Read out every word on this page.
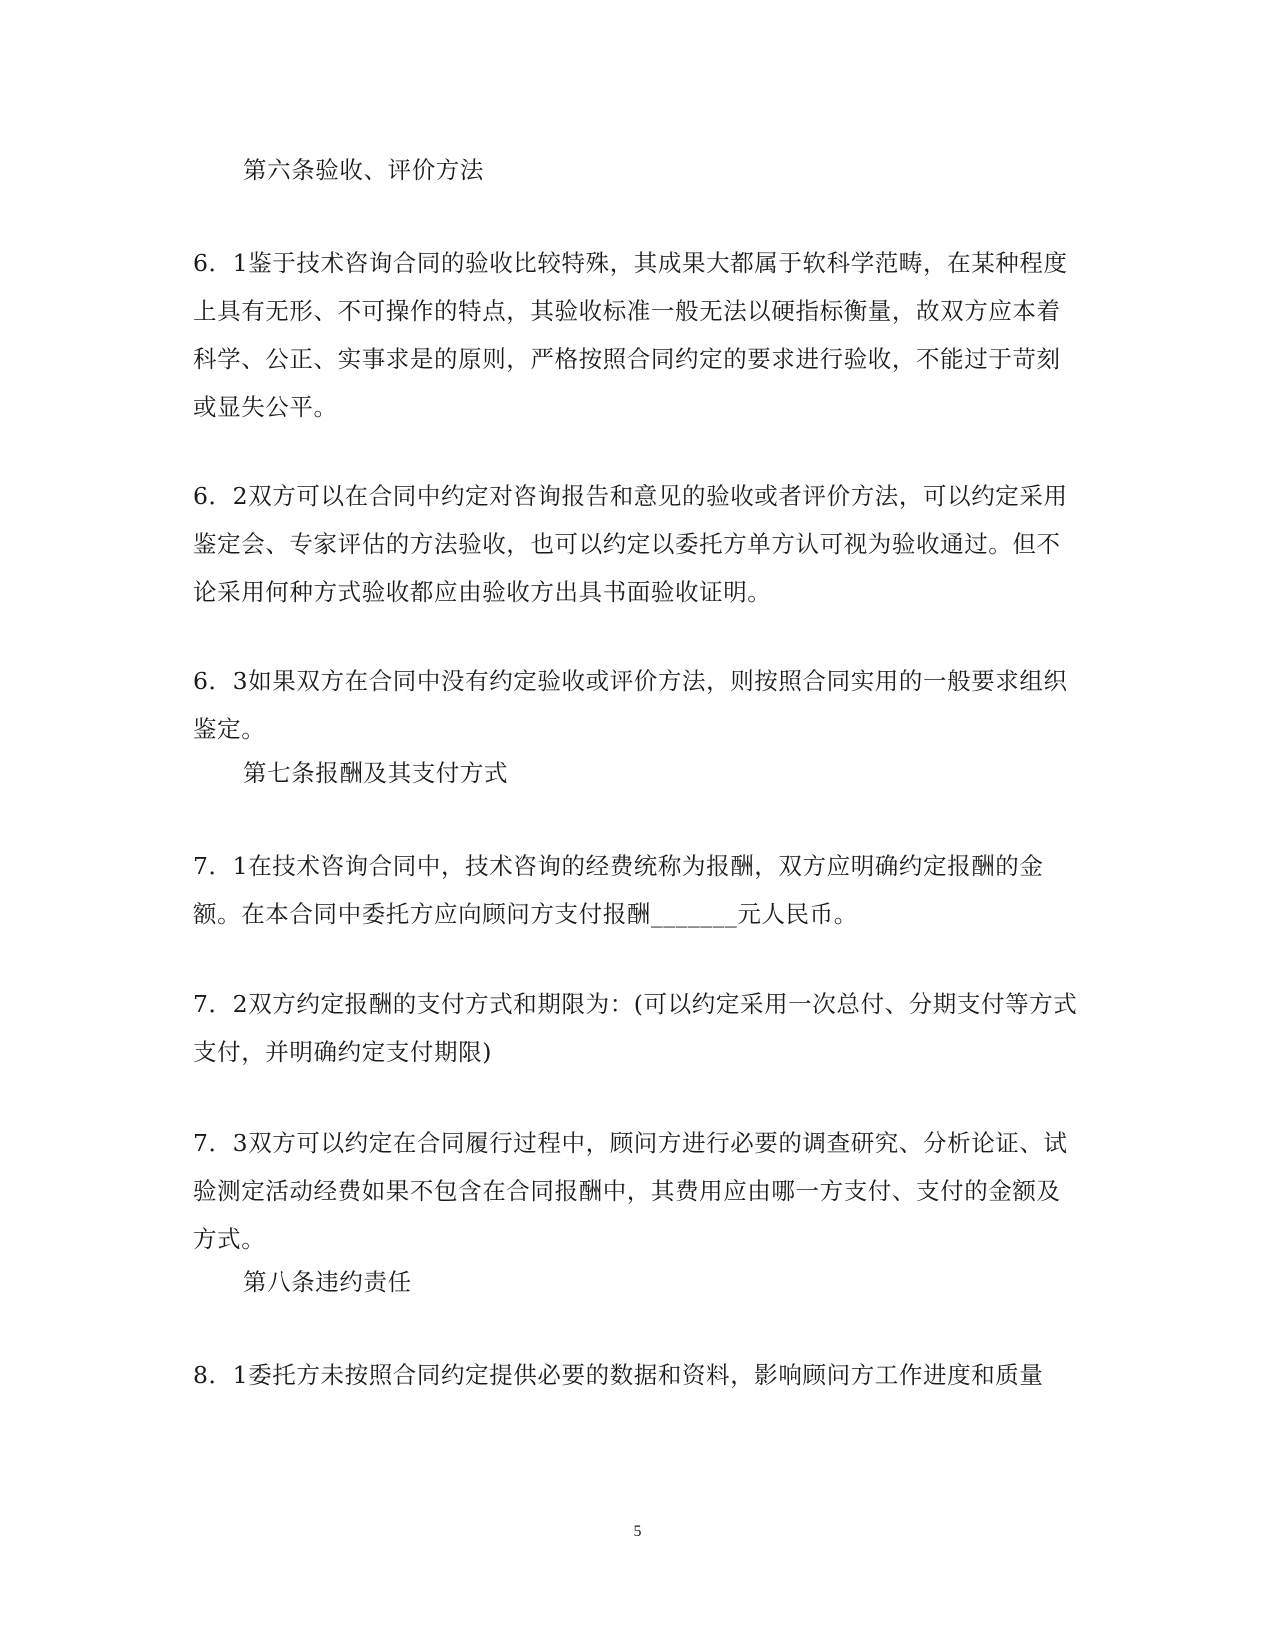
第六条验收、评价方法

6．1鉴于技术咨询合同的验收比较特殊，其成果大都属于软科学范畴，在某种程度上具有无形、不可操作的特点，其验收标准一般无法以硬指标衡量，故双方应本着科学、公正、实事求是的原则，严格按照合同约定的要求进行验收，不能过于苛刻或显失公平。

6．2双方可以在合同中约定对咨询报告和意见的验收或者评价方法，可以约定采用鉴定会、专家评估的方法验收，也可以约定以委托方单方认可视为验收通过。但不论采用何种方式验收都应由验收方出具书面验收证明。

6．3如果双方在合同中没有约定验收或评价方法，则按照合同实用的一般要求组织鉴定。

第七条报酬及其支付方式

7．1在技术咨询合同中，技术咨询的经费统称为报酬，双方应明确约定报酬的金额。在本合同中委托方应向顾问方支付报酬_______元人民币。

7．2双方约定报酬的支付方式和期限为：(可以约定采用一次总付、分期支付等方式支付，并明确约定支付期限)

7．3双方可以约定在合同履行过程中，顾问方进行必要的调查研究、分析论证、试验测定活动经费如果不包含在合同报酬中，其费用应由哪一方支付、支付的金额及方式。

第八条违约责任

8．1委托方未按照合同约定提供必要的数据和资料，影响顾问方工作进度和质量

5
